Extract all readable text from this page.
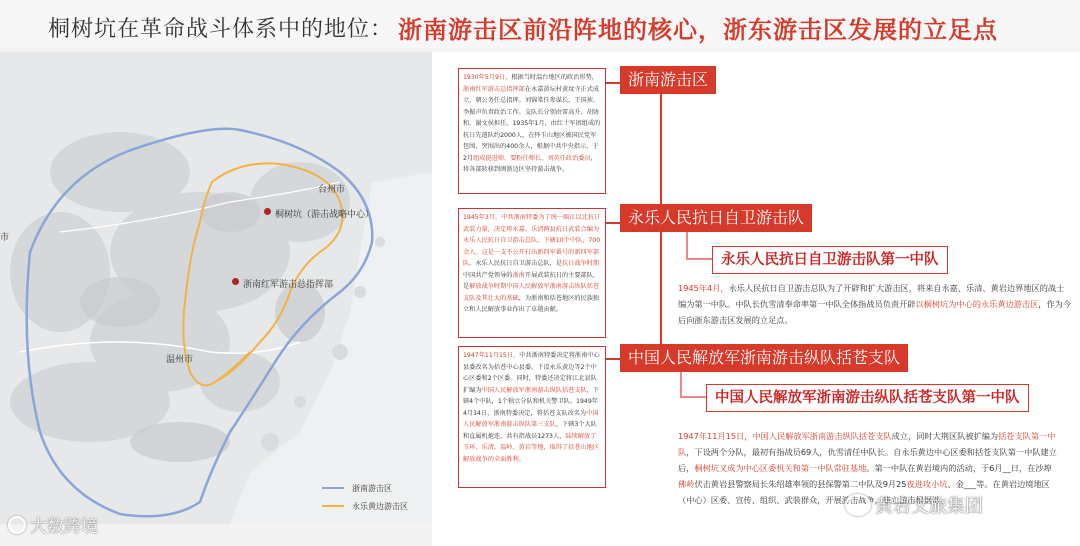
桐树坑在革命战斗体系中的地位： 浙南游击区前沿阵地的核心，浙东游击区发展的立足点
台州市
市
桐树坑（游击战略中心）
浙南红军游击总指挥部
温州市
浙南游击区
永乐黄边游击区
大数跨境
1930年5月9日，根据当时温台地区的政治形势，浙南红军游击总指挥部在永嘉黄坛村黄坟寺正式成立，朝公务任总指挥。刘锦棠任参谋长，王国祯、李振声负责政治工作。支队长分别由雷高升、胡协和、谢文侯担任。1935年1月，由红十军团组成的抗日先遣队约2000人，在怀玉山地区被国民党军包围，突围出的400余人，根据中共中央指示，于2月组成挺进师，要粉任师长，刘英任政治委员，将各部转移到闽浙边区坚持游击战争。
1945年3月，中共浙南特委为了统一瓯江以北抗日武装力量，决定将永嘉、乐清两县抗日武装合编为永乐人民抗日自卫游击总队，下辖10个中队，700余人。这是一支不公开打出新四军番号的新四军部队。永乐人民抗日自卫游击总队，是抗日战争时期中国共产党领导的浙南开展武装抗日的主要部队，是解放战争时期中国人民解放军浙南游击纵队括苍支队及其壮大的基础，为浙南和括苍地区的民族独立和人民解放事业作出了卓越贡献。
1947年11月15日，中共浙南特委决定将浙南中心县委改名为括苍中心县委。下设永乐黄边等2个中心区委和2个区委。同时，特委还决定将江北县队扩编为中国人民解放军浙南游击纵队括苍支队，下辖4个中队，1个独立分队和机关警卫队。1949年4月14日，浙南特委决定，将括苍支队改名为中国人民解放军浙南游击纵队第三支队，下辖3个大队和直属机炮连，共有指战员1273人，陆续解放了玉环、乐清、温岭、黄岩等地，取得了括苍山地区解放战争的全面胜利。
浙南游击区
永乐人民抗日自卫游击队
永乐人民抗日自卫游击队第一中队
中国人民解放军浙南游击纵队括苍支队
中国人民解放军浙南游击纵队括苍支队第一中队
1945年4月，永乐人民抗日自卫游击总队为了开辟和扩大游击区，将来自永嘉、乐清、黄岩边界地区的战士编为第一中队。中队长仇雪清奉命率第一中队全体指战员负责开辟以桐树坑为中心的永乐黄边游击区，作为今后向浙东游击区发展的立足点。
1947年11月15日，中国人民解放军浙南游击纵队括苍支队成立，同时大荆区队被扩编为括苍支队第一中队，下设两个分队，最初有指战员69人，仇雪清任中队长。自永乐黄边中心区委和括苍支队第一中队建立后，桐树坑又成为中心区委机关和第一中队常驻基地。第一中队在黄岩境内的活动，于6月__日，在沙埠佛岭伏击黄岩县警察局长朱绍雄率领的县保警第二中队及9月25夜进攻小坑、金___等。在黄岩边境地区（中心）区委、宣传、组织、武装群众，开展游击战争，建立游击根据地。
黄岩文旅集团
